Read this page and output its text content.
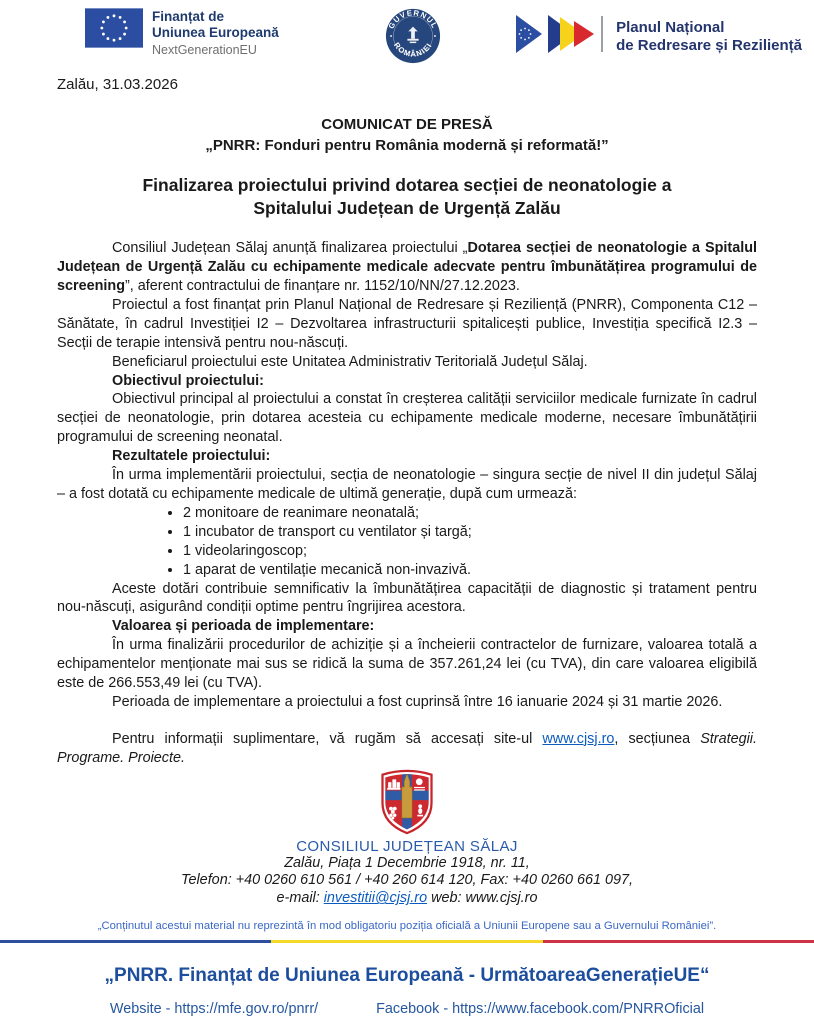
Finanțat de
Uniunea Europeană
NextGenerationEU
GUVERNUL
ROMÂNIEI
Planul Național
de Redresare și Reziliență
Zalău, 31.03.2026
COMUNICAT DE PRESĂ
„PNRR: Fonduri pentru România modernă și reformată!”
Finalizarea proiectului privind dotarea secției de neonatologie a
Spitalului Județean de Urgență Zalău

Consiliul Județean Sălaj anunță finalizarea proiectului „Dotarea secției de neonatologie a Spitalul Județean de Urgență Zalău cu echipamente medicale adecvate pentru îmbunătățirea programului de screening”, aferent contractului de finanțare nr. 1152/10/NN/27.12.2023.

Proiectul a fost finanțat prin Planul Național de Redresare și Reziliență (PNRR), Componenta C12 – Sănătate, în cadrul Investiției I2 – Dezvoltarea infrastructurii spitalicești publice, Investiția specifică I2.3 – Secții de terapie intensivă pentru nou-născuți.

Beneficiarul proiectului este Unitatea Administrativ Teritorială Județul Sălaj.

Obiectivul proiectului:

Obiectivul principal al proiectului a constat în creșterea calității serviciilor medicale furnizate în cadrul secției de neonatologie, prin dotarea acesteia cu echipamente medicale moderne, necesare îmbunătățirii programului de screening neonatal.

Rezultatele proiectului:

În urma implementării proiectului, secția de neonatologie – singura secție de nivel II din județul Sălaj – a fost dotată cu echipamente medicale de ultimă generație, după cum urmează:

• 2 monitoare de reanimare neonatală;
• 1 incubator de transport cu ventilator și targă;
• 1 videolaringoscop;
• 1 aparat de ventilație mecanică non-invazivă.

Aceste dotări contribuie semnificativ la îmbunătățirea capacității de diagnostic și tratament pentru nou-născuți, asigurând condiții optime pentru îngrijirea acestora.

Valoarea și perioada de implementare:

În urma finalizării procedurilor de achiziție și a încheierii contractelor de furnizare, valoarea totală a echipamentelor menționate mai sus se ridică la suma de 357.261,24 lei (cu TVA), din care valoarea eligibilă este de 266.553,49 lei (cu TVA).

Perioada de implementare a proiectului a fost cuprinsă între 16 ianuarie 2024 și 31 martie 2026.

Pentru informații suplimentare, vă rugăm să accesați site-ul www.cjsj.ro, secțiunea Strategii. Programe. Proiecte.

CONSILIUL JUDEȚEAN SĂLAJ
Zalău, Piața 1 Decembrie 1918, nr. 11,
Telefon: +40 0260 610 561 / +40 260 614 120, Fax: +40 0260 661 097,
e-mail: investitii@cjsj.ro web: www.cjsj.ro
„Conținutul acestui material nu reprezintă în mod obligatoriu poziția oficială a Uniunii Europene sau a Guvernului României”.
„PNRR. Finanțat de Uniunea Europeană - UrmătoareaGenerațieUE“
Website - https://mfe.gov.ro/pnrr/	Facebook - https://www.facebook.com/PNRROficial
